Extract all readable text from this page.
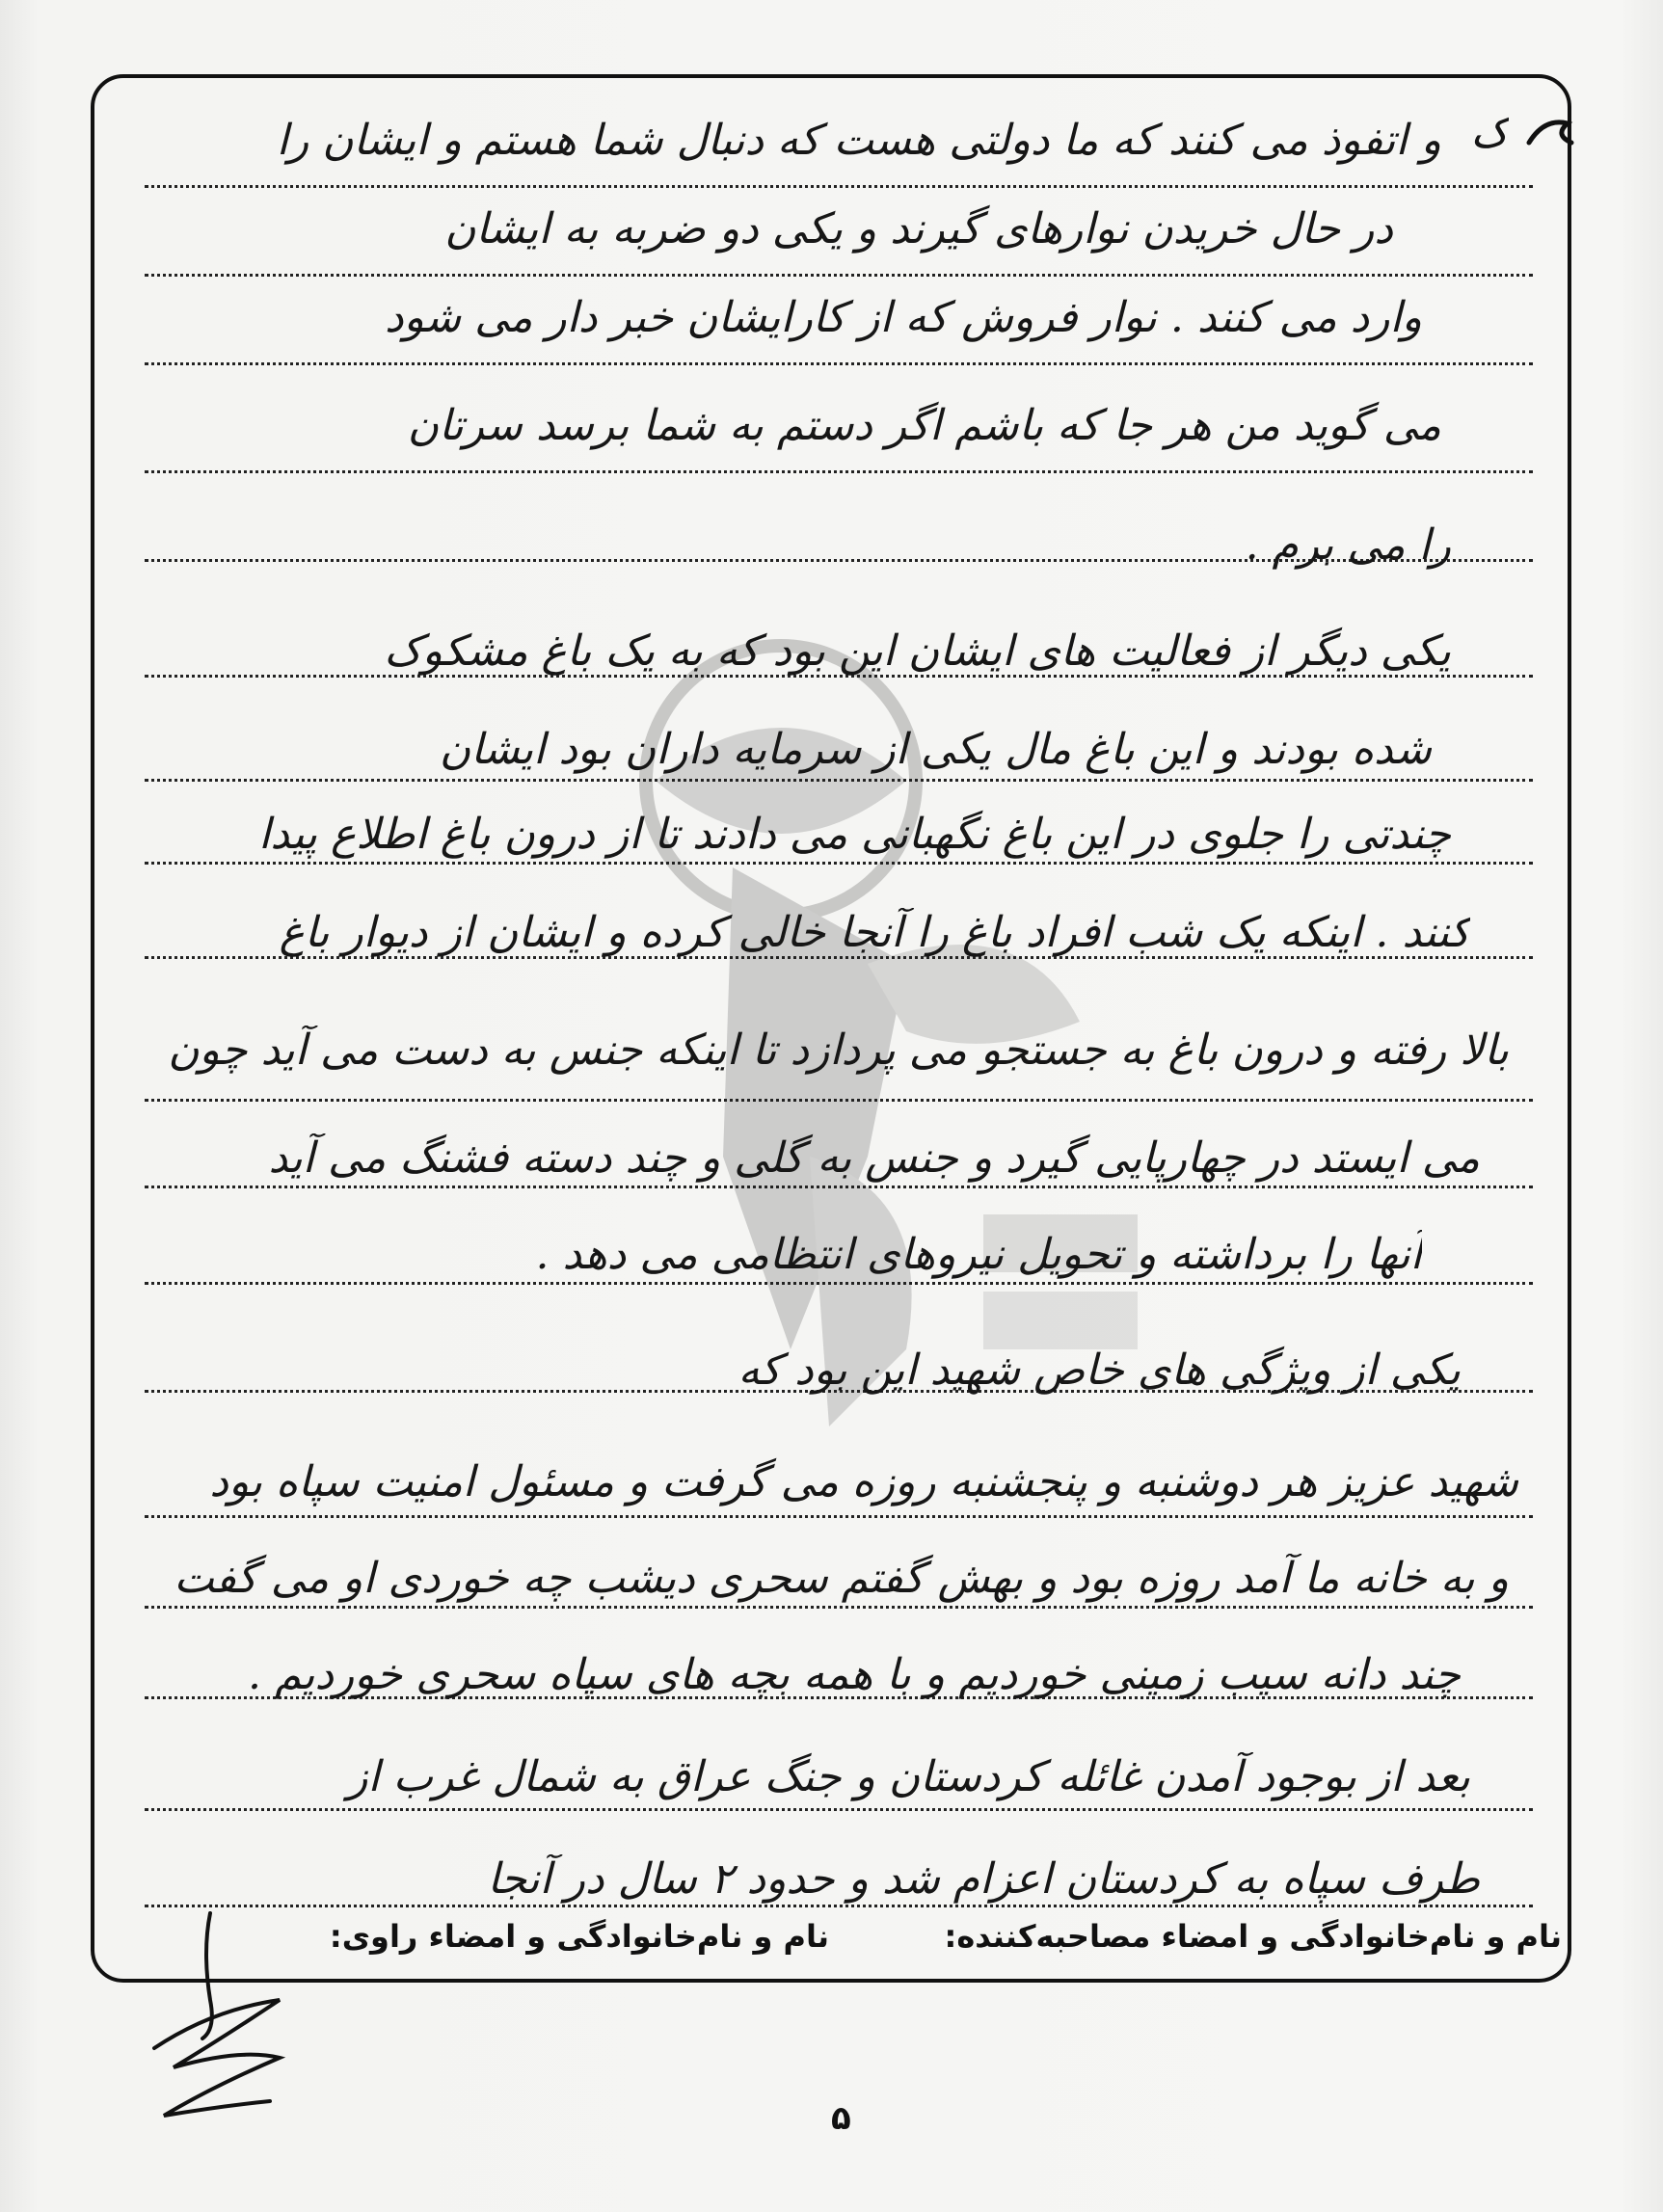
ک
و اتفوذ می کنند که ما دولتی هست که دنبال شما هستم و ایشان را
در حال خریدن نوارهای گیرند و یکی دو ضربه به ایشان
وارد می کنند . نوار فروش که از کارایشان خبر دار می شود
می گوید من هر جا که باشم اگر دستم به شما برسد سرتان
را می برم .
یکی دیگر از فعالیت های ایشان این بود که به یک باغ مشکوک
شده بودند و این باغ مال یکی از سرمایه داران بود ایشان
چندتی را جلوی در این باغ نگهبانی می دادند تا از درون باغ اطلاع پیدا
کنند . اینکه یک شب افراد باغ را آنجا خالی کرده و ایشان از دیوار باغ
بالا رفته و درون باغ به جستجو می پردازد تا اینکه جنس به دست می آید چون
می ایستد در چهارپایی گیرد و جنس به گلی و چند دسته فشنگ می آید
آنها را برداشته و تحویل نیروهای انتظامی می دهد .
یکی از ویژگی های خاص شهید این بود که
شهید عزیز هر دوشنبه و پنجشنبه روزه می گرفت و مسئول امنیت سپاه بود
و به خانه ما آمد روزه بود و بهش گفتم سحری دیشب چه خوردی او می گفت
چند دانه سیب زمینی خوردیم و با همه بچه های سپاه سحری خوردیم .
بعد از بوجود آمدن غائله کردستان و جنگ عراق به شمال غرب از
طرف سپاه به کردستان اعزام شد و حدود ۲ سال در آنجا
نام و نام‌خانوادگی و امضاء مصاحبه‌کننده:
نام و نام‌خانوادگی و امضاء راوی:
۵
